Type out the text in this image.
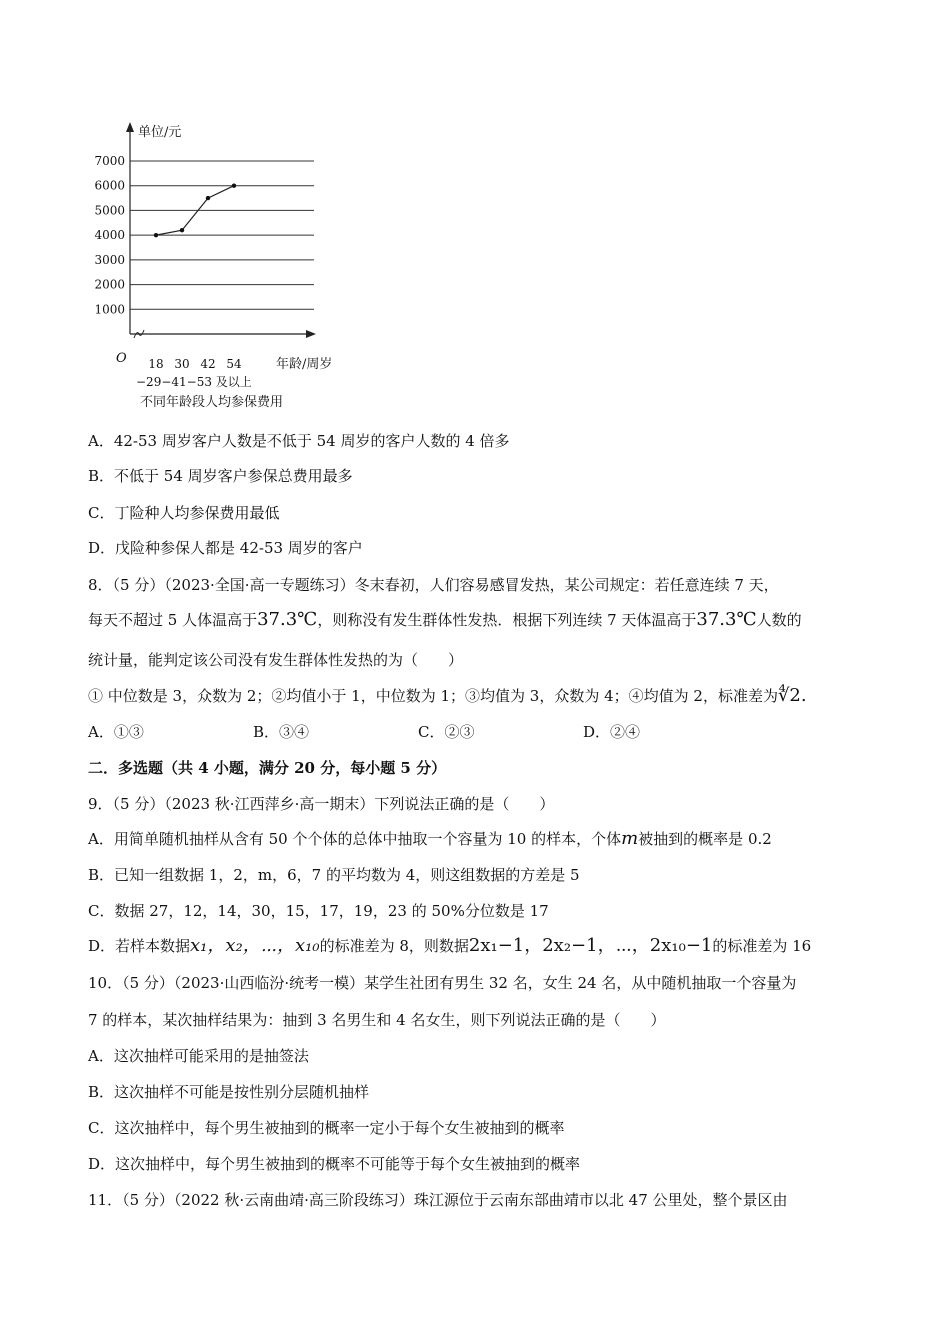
1000
2000
3000
4000
5000
6000
7000
单位/元
O 18 30 42 54
−29−41−53 及以上
年龄/周岁
不同年龄段人均参保费用
A．42-53 周岁客户人数是不低于 54 周岁的客户人数的 4 倍多
B．不低于 54 周岁客户参保总费用最多
C．丁险种人均参保费用最低
D．戊险种参保人都是 42-53 周岁的客户
8．（5 分）（2023·全国·高一专题练习）冬末春初，人们容易感冒发热，某公司规定：若任意连续 7 天，
每天不超过 5 人体温高于37.3℃，则称没有发生群体性发热．根据下列连续 7 天体温高于37.3℃人数的
统计量，能判定该公司没有发生群体性发热的为（　　）
① 中位数是 3，众数为 2；②均值小于 1，中位数为 1；③均值为 3，众数为 4；④均值为 2，标准差为∜2.
A．①③	B．③④	C．②③	D．②④
二．多选题（共 4 小题，满分 20 分，每小题 5 分）
9．（5 分）（2023 秋·江西萍乡·高一期末）下列说法正确的是（　　）
A．用简单随机抽样从含有 50 个个体的总体中抽取一个容量为 10 的样本，个体m被抽到的概率是 0.2
B．已知一组数据 1，2，m，6，7 的平均数为 4，则这组数据的方差是 5
C．数据 27，12，14，30，15，17，19，23 的 50%分位数是 17
D．若样本数据x₁，x₂，⋯，x₁₀的标准差为 8，则数据2x₁−1，2x₂−1，⋯，2x₁₀−1的标准差为 16
10．（5 分）（2023·山西临汾·统考一模）某学生社团有男生 32 名，女生 24 名，从中随机抽取一个容量为
7 的样本，某次抽样结果为：抽到 3 名男生和 4 名女生，则下列说法正确的是（　　）
A．这次抽样可能采用的是抽签法
B．这次抽样不可能是按性别分层随机抽样
C．这次抽样中，每个男生被抽到的概率一定小于每个女生被抽到的概率
D．这次抽样中，每个男生被抽到的概率不可能等于每个女生被抽到的概率
11．（5 分）（2022 秋·云南曲靖·高三阶段练习）珠江源位于云南东部曲靖市以北 47 公里处，整个景区由
